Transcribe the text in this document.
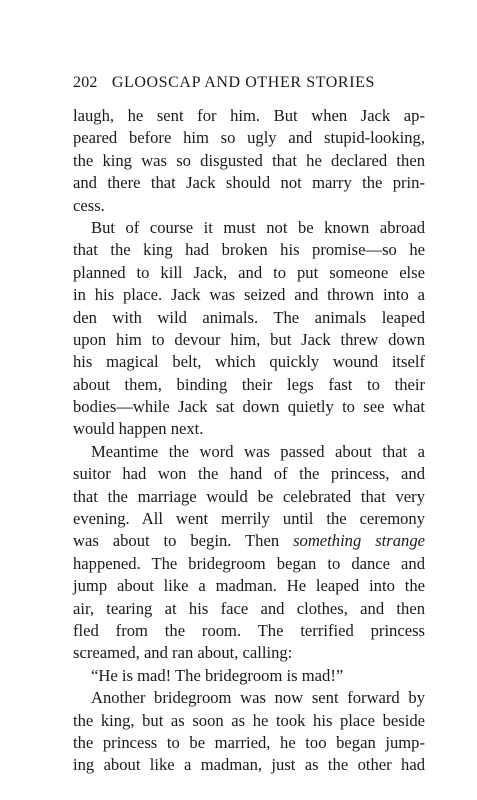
202 GLOOSCAP AND OTHER STORIES
laugh, he sent for him. But when Jack ap-
peared before him so ugly and stupid-looking,
the king was so disgusted that he declared then
and there that Jack should not marry the prin-
cess.
But of course it must not be known abroad
that the king had broken his promise—so he
planned to kill Jack, and to put someone else
in his place. Jack was seized and thrown into a
den with wild animals. The animals leaped
upon him to devour him, but Jack threw down
his magical belt, which quickly wound itself
about them, binding their legs fast to their
bodies—while Jack sat down quietly to see what
would happen next.
Meantime the word was passed about that a
suitor had won the hand of the princess, and
that the marriage would be celebrated that very
evening. All went merrily until the ceremony
was about to begin. Then something strange
happened. The bridegroom began to dance and
jump about like a madman. He leaped into the
air, tearing at his face and clothes, and then
fled from the room. The terrified princess
screamed, and ran about, calling:
“He is mad! The bridegroom is mad!”
Another bridegroom was now sent forward by
the king, but as soon as he took his place beside
the princess to be married, he too began jump-
ing about like a madman, just as the other had
